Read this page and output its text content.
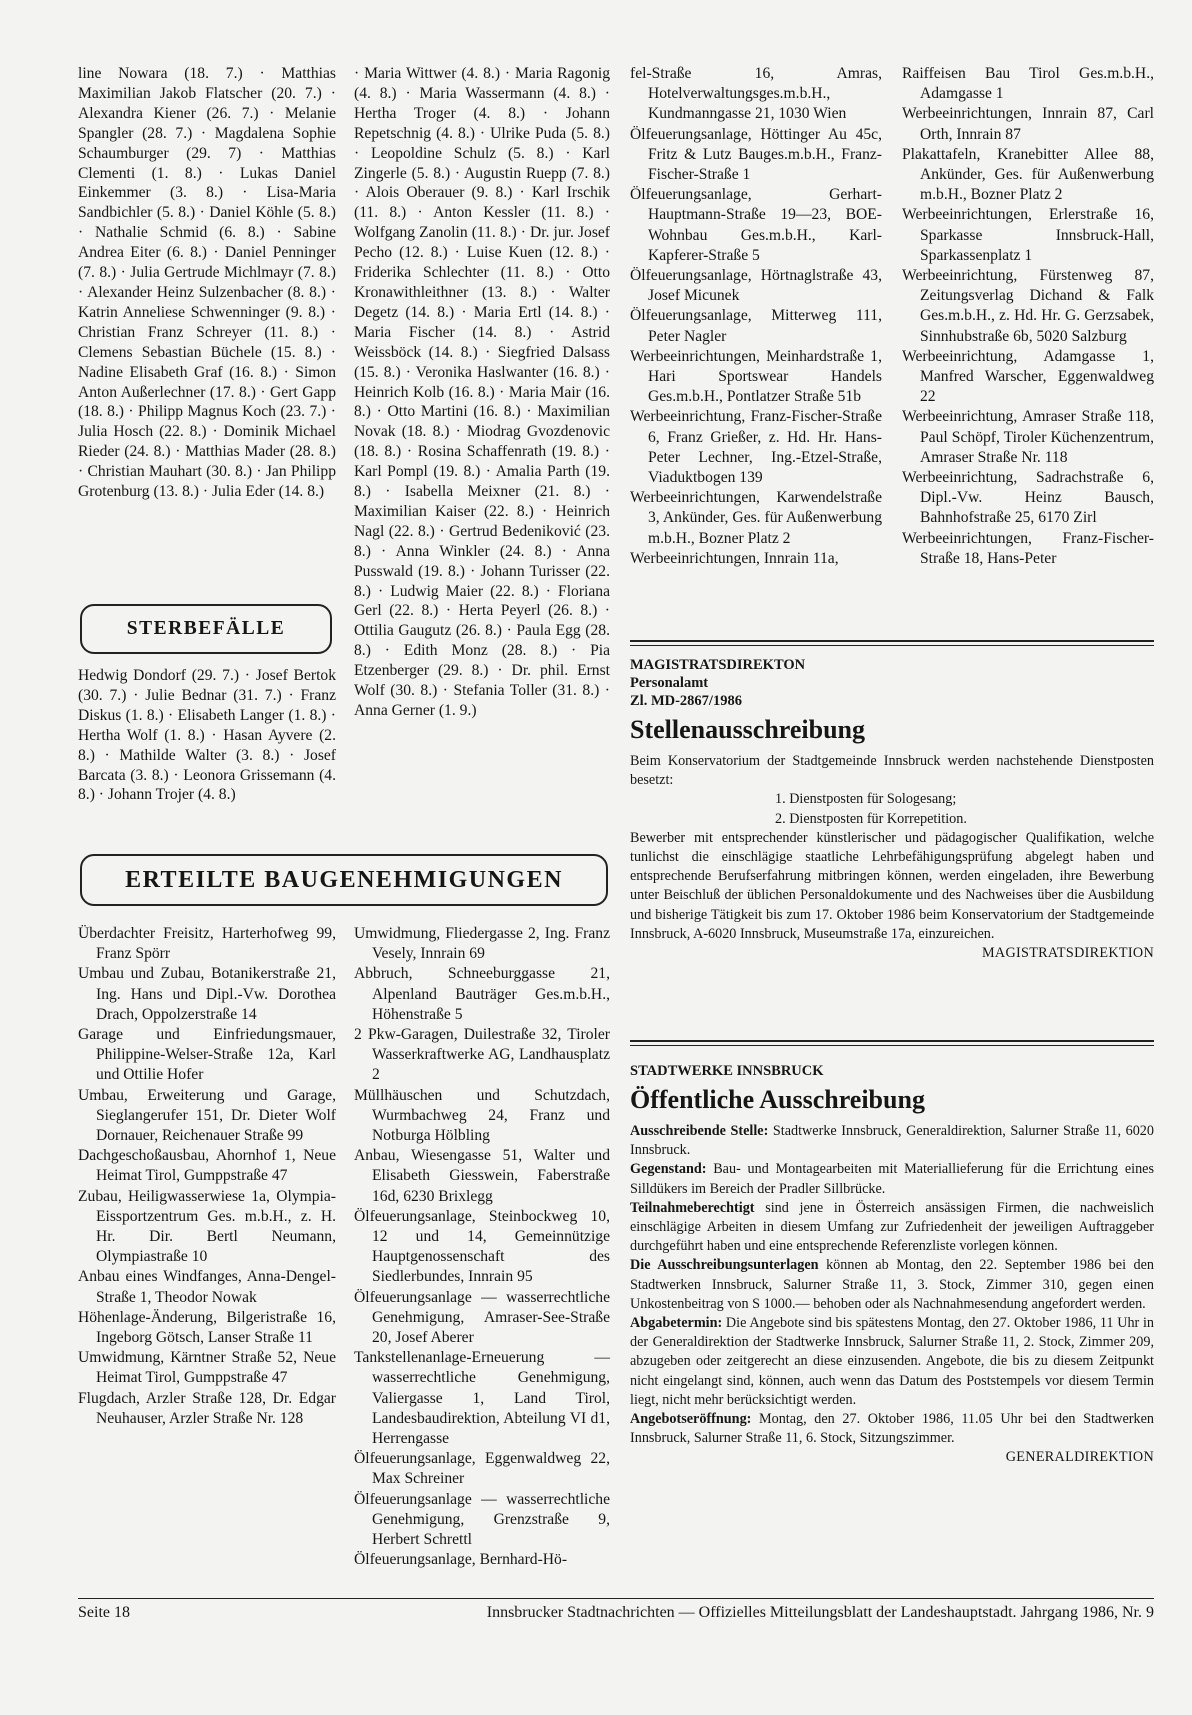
line Nowara (18. 7.) · Matthias Maximilian Jakob Flatscher (20. 7.) · Alexandra Kiener (26. 7.) · Melanie Spangler (28. 7.) · Magdalena Sophie Schaumburger (29. 7) · Matthias Clementi (1. 8.) · Lukas Daniel Einkemmer (3. 8.) · Lisa-Maria Sandbichler (5. 8.) · Daniel Köhle (5. 8.) · Nathalie Schmid (6. 8.) · Sabine Andrea Eiter (6. 8.) · Daniel Penninger (7. 8.) · Julia Gertrude Michlmayr (7. 8.) · Alexander Heinz Sulzenbacher (8. 8.) · Katrin Anneliese Schwenninger (9. 8.) · Christian Franz Schreyer (11. 8.) · Clemens Sebastian Büchele (15. 8.) · Nadine Elisabeth Graf (16. 8.) · Simon Anton Außerlechner (17. 8.) · Gert Gapp (18. 8.) · Philipp Magnus Koch (23. 7.) · Julia Hosch (22. 8.) · Dominik Michael Rieder (24. 8.) · Matthias Mader (28. 8.) · Christian Mauhart (30. 8.) · Jan Philipp Grotenburg (13. 8.) · Julia Eder (14. 8.)

STERBEFÄLLE

Hedwig Dondorf (29. 7.) · Josef Bertok (30. 7.) · Julie Bednar (31. 7.) · Franz Diskus (1. 8.) · Elisabeth Langer (1. 8.) · Hertha Wolf (1. 8.) · Hasan Ayvere (2. 8.) · Mathilde Walter (3. 8.) · Josef Barcata (3. 8.) · Leonora Grissemann (4. 8.) · Johann Trojer (4. 8.)

· Maria Wittwer (4. 8.) · Maria Ragonig (4. 8.) · Maria Wassermann (4. 8.) · Hertha Troger (4. 8.) · Johann Repetschnig (4. 8.) · Ulrike Puda (5. 8.) · Leopoldine Schulz (5. 8.) · Karl Zingerle (5. 8.) · Augustin Ruepp (7. 8.) · Alois Oberauer (9. 8.) · Karl Irschik (11. 8.) · Anton Kessler (11. 8.) · Wolfgang Zanolin (11. 8.) · Dr. jur. Josef Pecho (12. 8.) · Luise Kuen (12. 8.) · Friderika Schlechter (11. 8.) · Otto Kronawithleithner (13. 8.) · Walter Degetz (14. 8.) · Maria Ertl (14. 8.) · Maria Fischer (14. 8.) · Astrid Weissböck (14. 8.) · Siegfried Dalsass (15. 8.) · Veronika Haslwanter (16. 8.) · Heinrich Kolb (16. 8.) · Maria Mair (16. 8.) · Otto Martini (16. 8.) · Maximilian Novak (18. 8.) · Miodrag Gvozdenovic (18. 8.) · Rosina Schaffenrath (19. 8.) · Karl Pompl (19. 8.) · Amalia Parth (19. 8.) · Isabella Meixner (21. 8.) · Maximilian Kaiser (22. 8.) · Heinrich Nagl (22. 8.) · Gertrud Bedeniković (23. 8.) · Anna Winkler (24. 8.) · Anna Pusswald (19. 8.) · Johann Turisser (22. 8.) · Ludwig Maier (22. 8.) · Floriana Gerl (22. 8.) · Herta Peyerl (26. 8.) · Ottilia Gaugutz (26. 8.) · Paula Egg (28. 8.) · Edith Monz (28. 8.) · Pia Etzenberger (29. 8.) · Dr. phil. Ernst Wolf (30. 8.) · Stefania Toller (31. 8.) · Anna Gerner (1. 9.)

ERTEILTE BAUGENEHMIGUNGEN

Überdachter Freisitz, Harterhofweg 99, Franz Spörr

Umbau und Zubau, Botanikerstraße 21, Ing. Hans und Dipl.-Vw. Dorothea Drach, Oppolzerstraße 14

Garage und Einfriedungsmauer, Philippine-Welser-Straße 12a, Karl und Ottilie Hofer

Umbau, Erweiterung und Garage, Sieglangerufer 151, Dr. Dieter Wolf Dornauer, Reichenauer Straße 99

Dachgeschoßausbau, Ahornhof 1, Neue Heimat Tirol, Gumppstraße 47

Zubau, Heiligwasserwiese 1a, Olympia-Eissportzentrum Ges. m.b.H., z. H. Hr. Dir. Bertl Neumann, Olympiastraße 10

Anbau eines Windfanges, Anna-Dengel-Straße 1, Theodor Nowak

Höhenlage-Änderung, Bilgeristraße 16, Ingeborg Götsch, Lanser Straße 11

Umwidmung, Kärntner Straße 52, Neue Heimat Tirol, Gumppstraße 47

Flugdach, Arzler Straße 128, Dr. Edgar Neuhauser, Arzler Straße Nr. 128

Umwidmung, Fliedergasse 2, Ing. Franz Vesely, Innrain 69

Abbruch, Schneeburggasse 21, Alpenland Bauträger Ges.m.b.H., Höhenstraße 5

2 Pkw-Garagen, Duilestraße 32, Tiroler Wasserkraftwerke AG, Landhausplatz 2

Müllhäuschen und Schutzdach, Wurmbachweg 24, Franz und Notburga Hölbling

Anbau, Wiesengasse 51, Walter und Elisabeth Giesswein, Faberstraße 16d, 6230 Brixlegg

Ölfeuerungsanlage, Steinbockweg 10, 12 und 14, Gemeinnützige Hauptgenossenschaft des Siedlerbundes, Innrain 95

Ölfeuerungsanlage — wasserrechtliche Genehmigung, Amraser-See-Straße 20, Josef Aberer

Tankstellenanlage-Erneuerung — wasserrechtliche Genehmigung, Valiergasse 1, Land Tirol, Landesbaudirektion, Abteilung VI d1, Herrengasse

Ölfeuerungsanlage, Eggenwaldweg 22, Max Schreiner

Ölfeuerungsanlage — wasserrechtliche Genehmigung, Grenzstraße 9, Herbert Schrettl

Ölfeuerungsanlage, Bernhard-Hö-

fel-Straße 16, Amras, Hotelverwaltungsges.m.b.H., Kundmanngasse 21, 1030 Wien

Ölfeuerungsanlage, Höttinger Au 45c, Fritz & Lutz Bauges.m.b.H., Franz-Fischer-Straße 1

Ölfeuerungsanlage, Gerhart-Hauptmann-Straße 19—23, BOE-Wohnbau Ges.m.b.H., Karl-Kapferer-Straße 5

Ölfeuerungsanlage, Hörtnaglstraße 43, Josef Micunek

Ölfeuerungsanlage, Mitterweg 111, Peter Nagler

Werbeeinrichtungen, Meinhardstraße 1, Hari Sportswear Handels Ges.m.b.H., Pontlatzer Straße 51b

Werbeeinrichtung, Franz-Fischer-Straße 6, Franz Grießer, z. Hd. Hr. Hans-Peter Lechner, Ing.-Etzel-Straße, Viaduktbogen 139

Werbeeinrichtungen, Karwendelstraße 3, Ankünder, Ges. für Außenwerbung m.b.H., Bozner Platz 2

Werbeeinrichtungen, Innrain 11a,

Raiffeisen Bau Tirol Ges.m.b.H., Adamgasse 1

Werbeeinrichtungen, Innrain 87, Carl Orth, Innrain 87

Plakattafeln, Kranebitter Allee 88, Ankünder, Ges. für Außenwerbung m.b.H., Bozner Platz 2

Werbeeinrichtungen, Erlerstraße 16, Sparkasse Innsbruck-Hall, Sparkassenplatz 1

Werbeeinrichtung, Fürstenweg 87, Zeitungsverlag Dichand & Falk Ges.m.b.H., z. Hd. Hr. G. Gerzsabek, Sinnhubstraße 6b, 5020 Salzburg

Werbeeinrichtung, Adamgasse 1, Manfred Warscher, Eggenwaldweg 22

Werbeeinrichtung, Amraser Straße 118, Paul Schöpf, Tiroler Küchenzentrum, Amraser Straße Nr. 118

Werbeeinrichtung, Sadrachstraße 6, Dipl.-Vw. Heinz Bausch, Bahnhofstraße 25, 6170 Zirl

Werbeeinrichtungen, Franz-Fischer-Straße 18, Hans-Peter

MAGISTRATSDIREKTON

Personalamt

Zl. MD-2867/1986

Stellenausschreibung

Beim Konservatorium der Stadtgemeinde Innsbruck werden nachstehende Dienstposten besetzt:

1. Dienstposten für Sologesang;

2. Dienstposten für Korrepetition.

Bewerber mit entsprechender künstlerischer und pädagogischer Qualifikation, welche tunlichst die einschlägige staatliche Lehrbefähigungsprüfung abgelegt haben und entsprechende Berufserfahrung mitbringen können, werden eingeladen, ihre Bewerbung unter Beischluß der üblichen Personaldokumente und des Nachweises über die Ausbildung und bisherige Tätigkeit bis zum 17. Oktober 1986 beim Konservatorium der Stadtgemeinde Innsbruck, A-6020 Innsbruck, Museumstraße 17a, einzureichen.

MAGISTRATSDIREKTION

STADTWERKE INNSBRUCK

Öffentliche Ausschreibung

Ausschreibende Stelle: Stadtwerke Innsbruck, Generaldirektion, Salurner Straße 11, 6020 Innsbruck.

Gegenstand: Bau- und Montagearbeiten mit Materiallieferung für die Errichtung eines Silldükers im Bereich der Pradler Sillbrücke.

Teilnahmeberechtigt sind jene in Österreich ansässigen Firmen, die nachweislich einschlägige Arbeiten in diesem Umfang zur Zufriedenheit der jeweiligen Auftraggeber durchgeführt haben und eine entsprechende Referenzliste vorlegen können.

Die Ausschreibungsunterlagen können ab Montag, den 22. September 1986 bei den Stadtwerken Innsbruck, Salurner Straße 11, 3. Stock, Zimmer 310, gegen einen Unkostenbeitrag von S 1000.— behoben oder als Nachnahmesendung angefordert werden.

Abgabetermin: Die Angebote sind bis spätestens Montag, den 27. Oktober 1986, 11 Uhr in der Generaldirektion der Stadtwerke Innsbruck, Salurner Straße 11, 2. Stock, Zimmer 209, abzugeben oder zeitgerecht an diese einzusenden. Angebote, die bis zu diesem Zeitpunkt nicht eingelangt sind, können, auch wenn das Datum des Poststempels vor diesem Termin liegt, nicht mehr berücksichtigt werden.

Angebotseröffnung: Montag, den 27. Oktober 1986, 11.05 Uhr bei den Stadtwerken Innsbruck, Salurner Straße 11, 6. Stock, Sitzungszimmer.

GENERALDIREKTION

Seite 18	Innsbrucker Stadtnachrichten — Offizielles Mitteilungsblatt der Landeshauptstadt. Jahrgang 1986, Nr. 9
